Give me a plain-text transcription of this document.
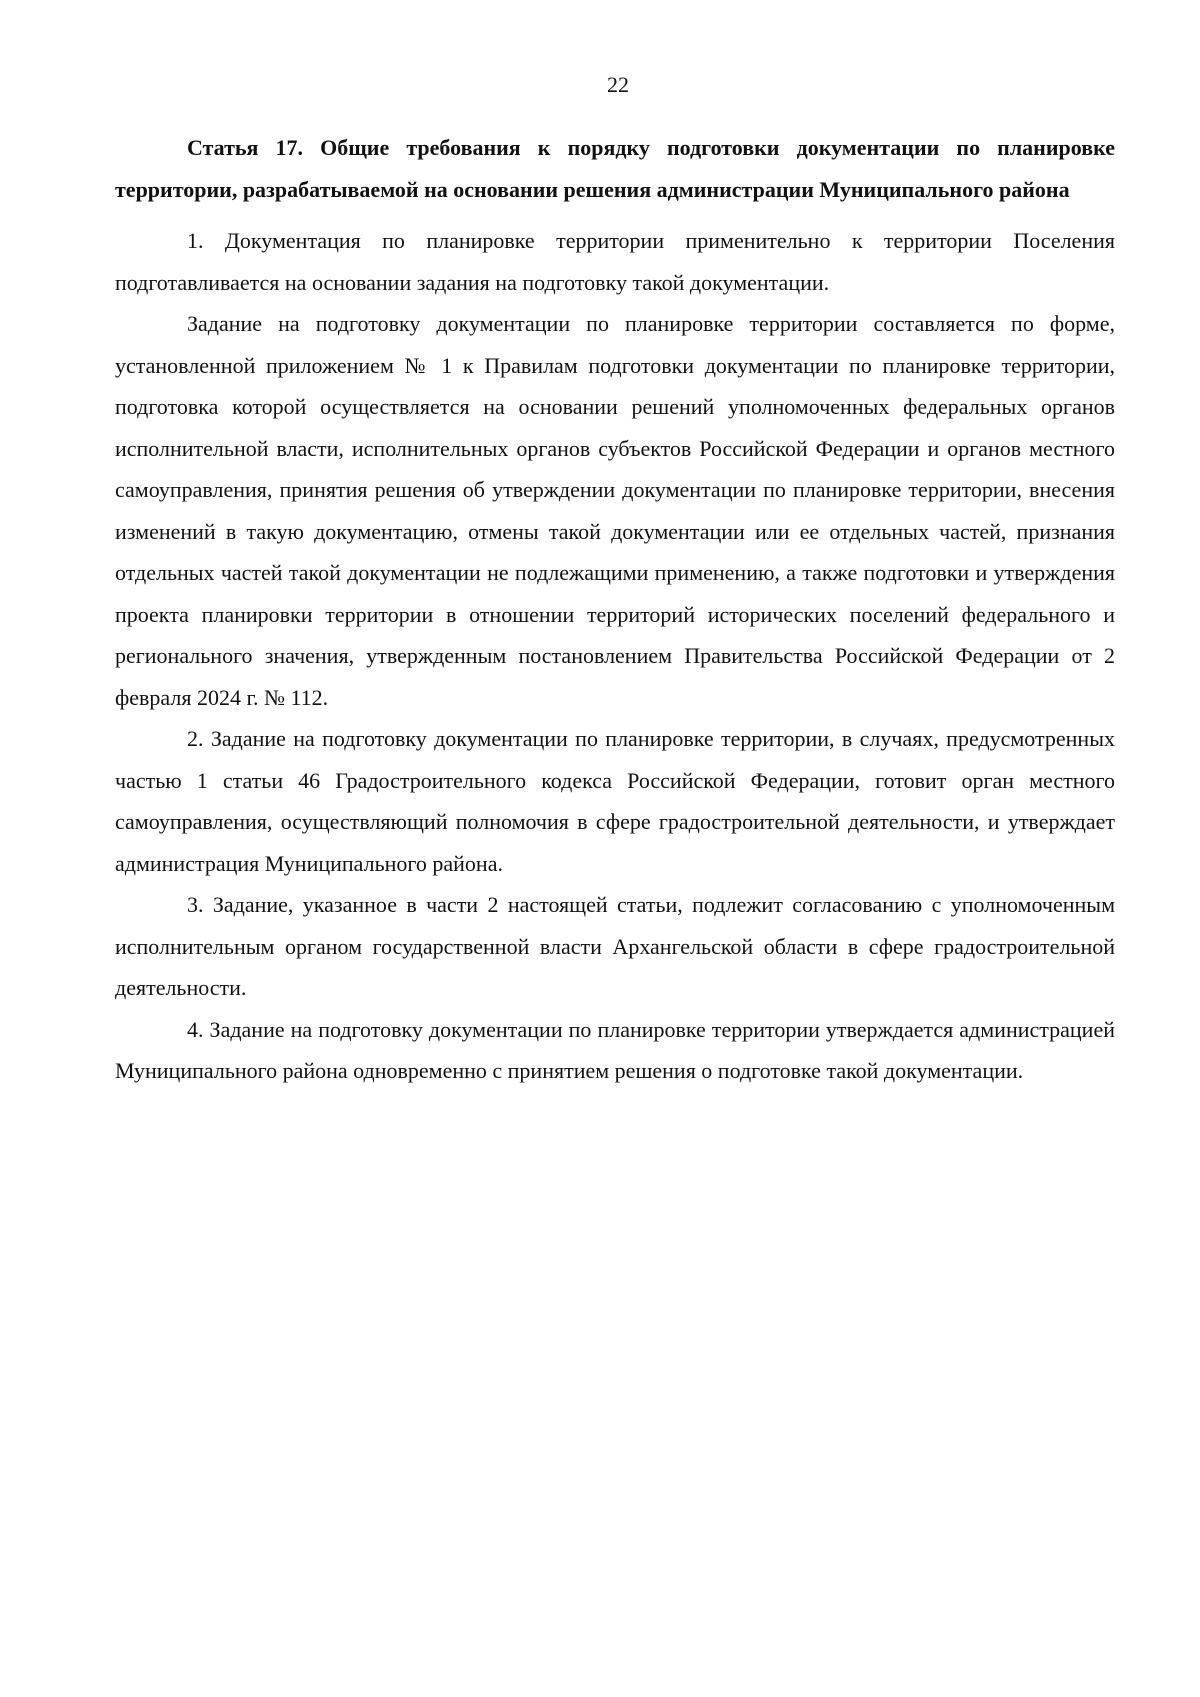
22
Статья 17. Общие требования к порядку подготовки документации по планировке территории, разрабатываемой на основании решения администрации Муниципального района

1. Документация по планировке территории применительно к территории Поселения подготавливается на основании задания на подготовку такой документации.

Задание на подготовку документации по планировке территории составляется по форме, установленной приложением № 1 к Правилам подготовки документации по планировке территории, подготовка которой осуществляется на основании решений уполномоченных федеральных органов исполнительной власти, исполнительных органов субъектов Российской Федерации и органов местного самоуправления, принятия решения об утверждении документации по планировке территории, внесения изменений в такую документацию, отмены такой документации или ее отдельных частей, признания отдельных частей такой документации не подлежащими применению, а также подготовки и утверждения проекта планировки территории в отношении территорий исторических поселений федерального и регионального значения, утвержденным постановлением Правительства Российской Федерации от 2 февраля 2024 г. № 112.

2. Задание на подготовку документации по планировке территории, в случаях, предусмотренных частью 1 статьи 46 Градостроительного кодекса Российской Федерации, готовит орган местного самоуправления, осуществляющий полномочия в сфере градостроительной деятельности, и утверждает администрация Муниципального района.

3. Задание, указанное в части 2 настоящей статьи, подлежит согласованию с уполномоченным исполнительным органом государственной власти Архангельской области в сфере градостроительной деятельности.

4. Задание на подготовку документации по планировке территории утверждается администрацией Муниципального района одновременно с принятием решения о подготовке такой документации.
